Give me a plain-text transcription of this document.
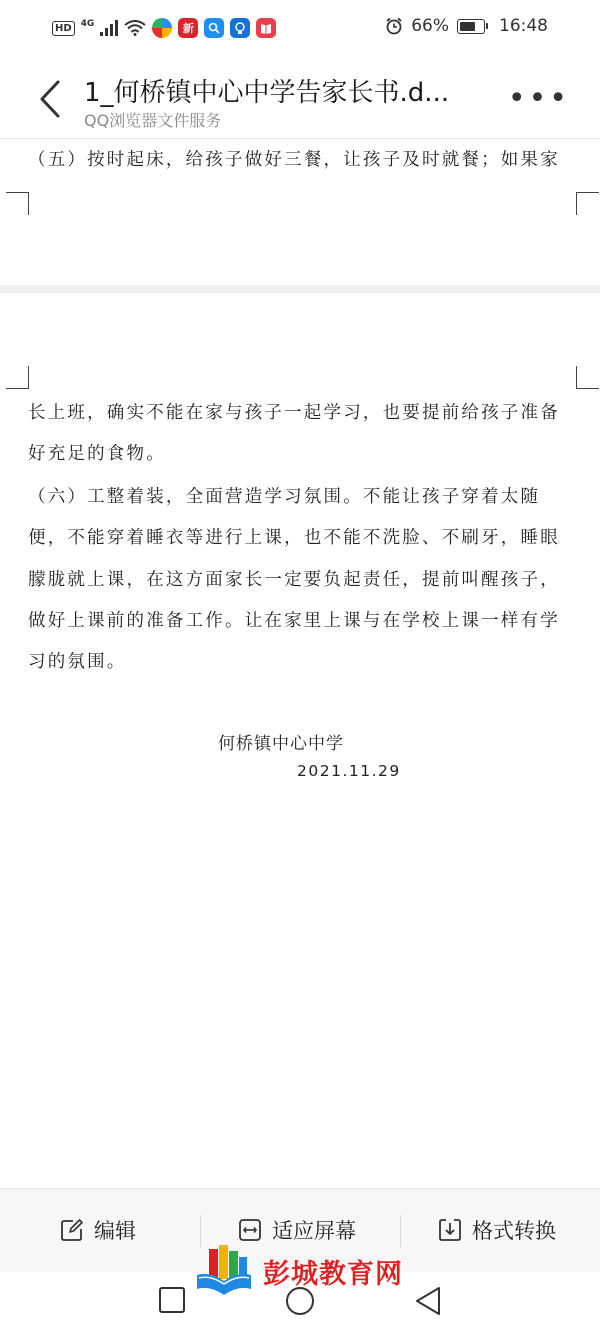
HD	4G	新	66%	16:48
1_何桥镇中心中学告家长书.d...
QQ浏览器文件服务
•••
（五）按时起床，给孩子做好三餐，让孩子及时就餐；如果家
长上班，确实不能在家与孩子一起学习，也要提前给孩子准备
好充足的食物。
（六）工整着装，全面营造学习氛围。不能让孩子穿着太随
便，不能穿着睡衣等进行上课，也不能不洗脸、不刷牙，睡眼
朦胧就上课，在这方面家长一定要负起责任，提前叫醒孩子，
做好上课前的准备工作。让在家里上课与在学校上课一样有学
习的氛围。
何桥镇中心中学
2021.11.29
编辑	适应屏幕	格式转换
彭城教育网
